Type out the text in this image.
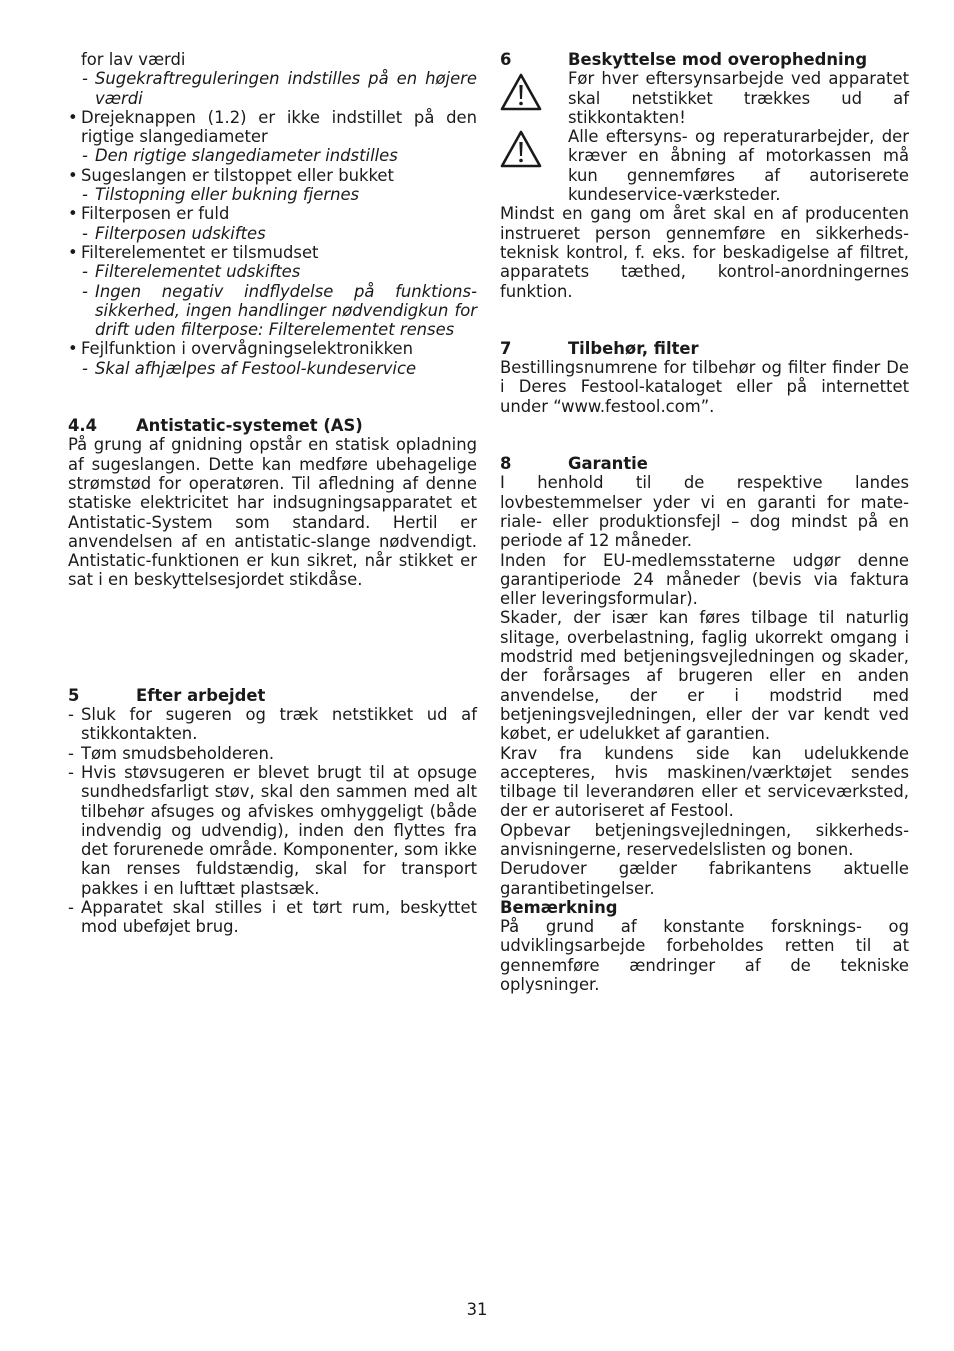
for lav værdi

- Sugekraftreguleringen indstilles på en højere værdi

• Drejeknappen (1.2) er ikke indstillet på den rigtige slangediameter

- Den rigtige slangediameter indstilles

• Sugeslangen er tilstoppet eller bukket

- Tilstopning eller bukning fjernes

• Filterposen er fuld

- Filterposen udskiftes

• Filterelementet er tilsmudset

- Filterelementet udskiftes

- Ingen negativ indflydelse på funktions-sikkerhed, ingen handlinger nødvendigkun for drift uden filterpose: Filterelementet renses

• Fejlfunktion i overvågningselektronikken

- Skal afhjælpes af Festool-kundeservice

4.4	Antistatic-systemet (AS)

På grung af gnidning opstår en statisk opladning af sugeslangen. Dette kan medføre ubehagelige strømstød for operatøren. Til afledning af denne statiske elektricitet har indsugningsapparatet et Antistatic-System som standard. Hertil er anvendelsen af en antistatic-slange nødvendigt. Antistatic-funktionen er kun sikret, når stikket er sat i en beskyttelsesjordet stikdåse.

5	Efter arbejdet

- Sluk for sugeren og træk netstikket ud af stikkontakten.

- Tøm smudsbeholderen.

- Hvis støvsugeren er blevet brugt til at opsuge sundhedsfarligt støv, skal den sammen med alt tilbehør afsuges og afviskes omhyggeligt (både indvendig og udvendig), inden den flyttes fra det forurenede område. Komponenter, som ikke kan renses fuldstændig, skal for transport pakkes i en lufttæt plastsæk.

- Apparatet skal stilles i et tørt rum, beskyttet mod ubeføjet brug.

6	Beskyttelse mod overophedning

Før hver eftersynsarbejde ved apparatet skal netstikket trækkes ud af stikkontakten!

Alle eftersyns- og reperaturarbejder, der kræver en åbning af motorkassen må kun gennemføres af autoriserete kundeservice-værksteder.

Mindst en gang om året skal en af producenten instrueret person gennemføre en sikkerheds-teknisk kontrol, f. eks. for beskadigelse af filtret, apparatets tæthed, kontrol-anordningernes funktion.

7	Tilbehør, filter

Bestillingsnumrene for tilbehør og filter finder De i Deres Festool-kataloget eller på internettet under “www.festool.com”.

8	Garantie

I henhold til de respektive landes lovbestemmelser yder vi en garanti for mate-riale- eller produktionsfejl – dog mindst på en periode af 12 måneder.

Inden for EU-medlemsstaterne udgør denne garantiperiode 24 måneder (bevis via faktura eller leveringsformular).

Skader, der især kan føres tilbage til naturlig slitage, overbelastning, faglig ukorrekt omgang i modstrid med betjeningsvejledningen og skader, der forårsages af brugeren eller en anden anvendelse, der er i modstrid med betjeningsvejledningen, eller der var kendt ved købet, er udelukket af garantien.

Krav fra kundens side kan udelukkende accepteres, hvis maskinen/værktøjet sendes tilbage til leverandøren eller et serviceværksted, der er autoriseret af Festool.

Opbevar betjeningsvejledningen, sikkerheds-anvisningerne, reservedelslisten og bonen.

Derudover gælder fabrikantens aktuelle garantibetingelser.

Bemærkning

På grund af konstante forsknings- og udviklingsarbejde forbeholdes retten til at gennemføre ændringer af de tekniske oplysninger.

31
